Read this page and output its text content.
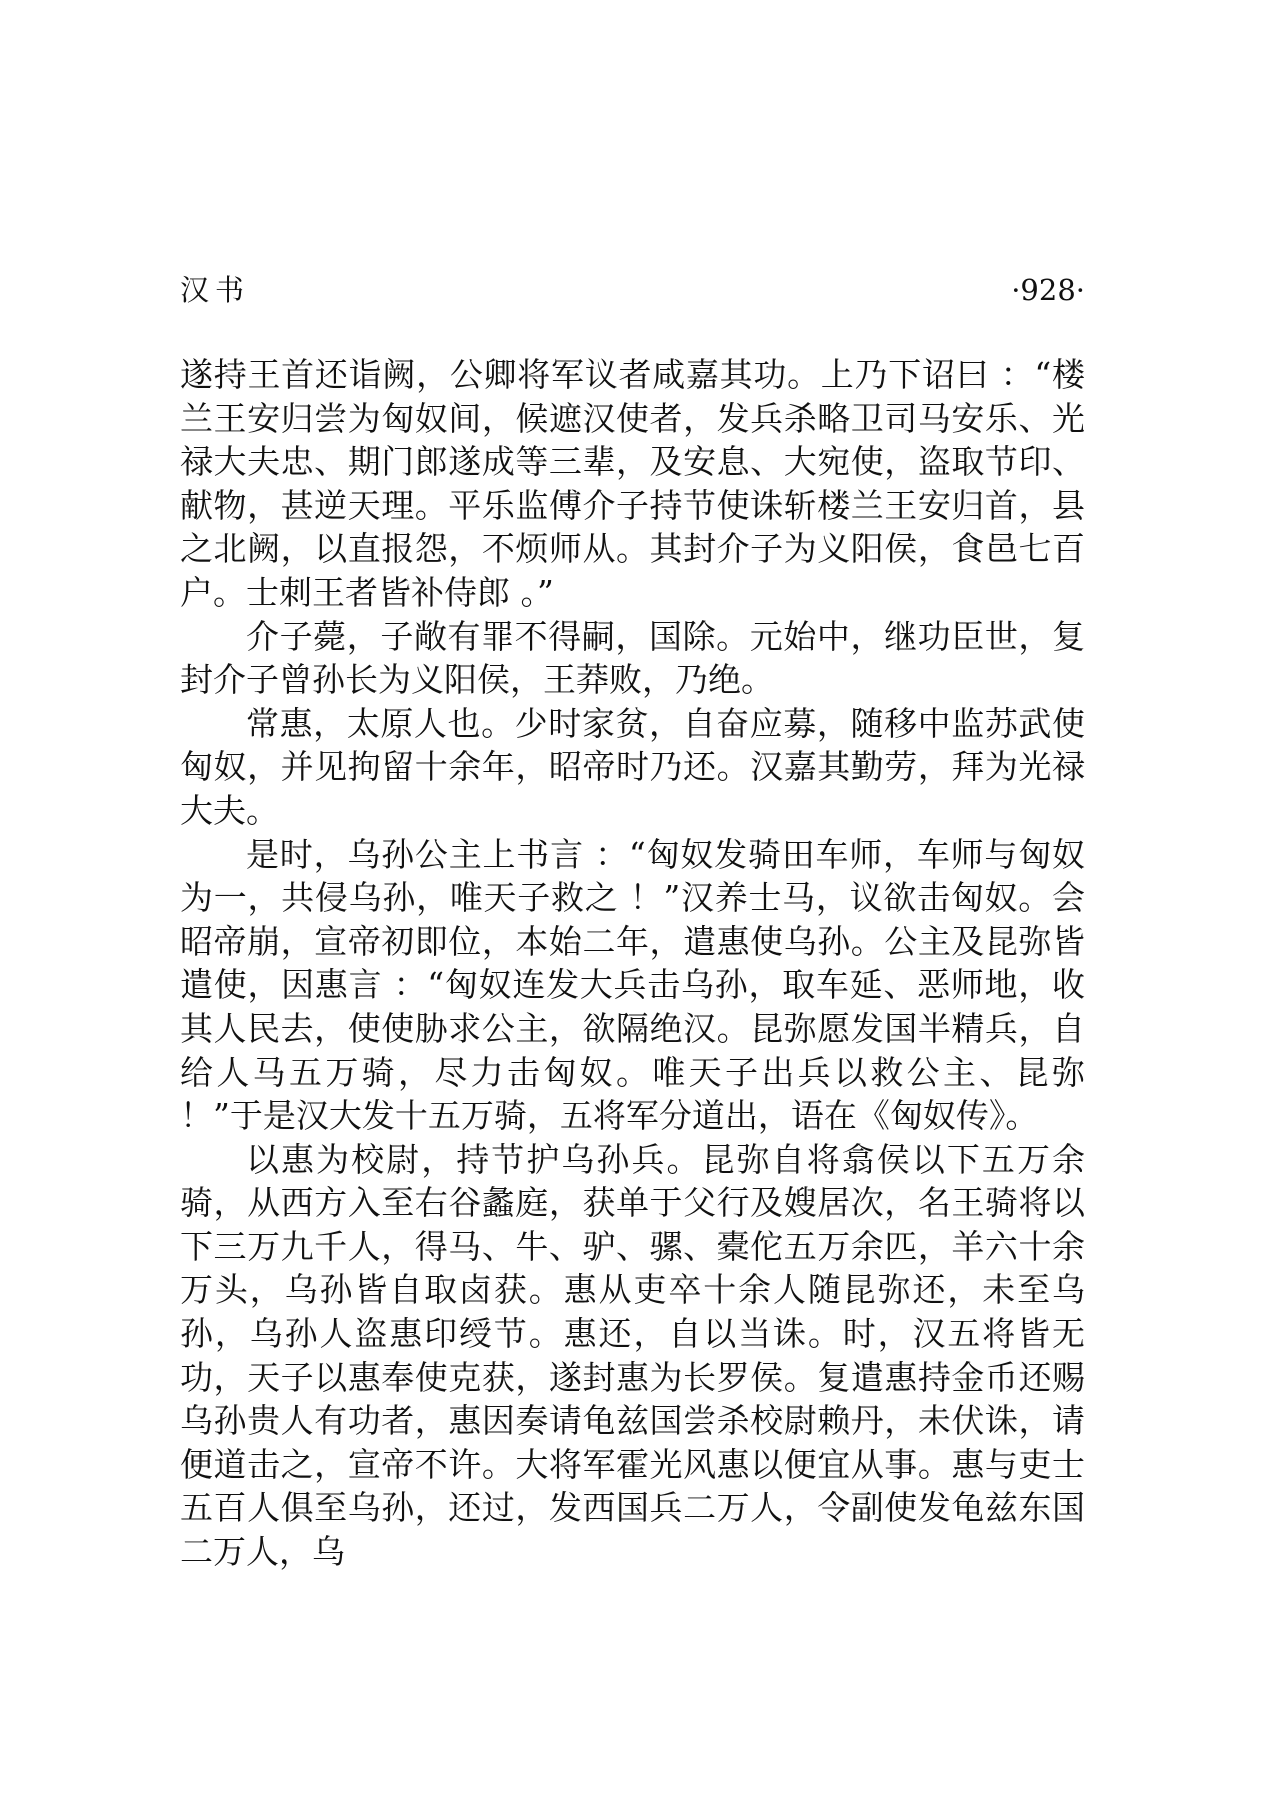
汉书	·928·

遂持王首还诣阙，公卿将军议者咸嘉其功。上乃下诏曰 ：“楼兰王安归尝为匈奴间，候遮汉使者，发兵杀略卫司马安乐、光禄大夫忠、期门郎遂成等三辈，及安息、大宛使，盗取节印、献物，甚逆天理。平乐监傅介子持节使诛斩楼兰王安归首，县之北阙，以直报怨，不烦师从。其封介子为义阳侯，食邑七百户。士刺王者皆补侍郎 。”

介子薨，子敞有罪不得嗣，国除。元始中，继功臣世，复封介子曾孙长为义阳侯，王莽败，乃绝。

常惠，太原人也。少时家贫，自奋应募，随移中监苏武使匈奴，并见拘留十余年，昭帝时乃还。汉嘉其勤劳，拜为光禄大夫。

是时，乌孙公主上书言 ：“匈奴发骑田车师，车师与匈奴为一，共侵乌孙，唯天子救之 ！”汉养士马，议欲击匈奴。会昭帝崩，宣帝初即位，本始二年，遣惠使乌孙。公主及昆弥皆遣使，因惠言 ：“匈奴连发大兵击乌孙，取车延、恶师地，收其人民去，使使胁求公主，欲隔绝汉。昆弥愿发国半精兵，自给人马五万骑，尽力击匈奴。唯天子出兵以救公主、昆弥 ！”于是汉大发十五万骑，五将军分道出，语在《匈奴传》。

以惠为校尉，持节护乌孙兵。昆弥自将翕侯以下五万余骑，从西方入至右谷蠡庭，获单于父行及嫂居次，名王骑将以下三万九千人，得马、牛、驴、骡、橐佗五万余匹，羊六十余万头，乌孙皆自取卤获。惠从吏卒十余人随昆弥还，未至乌孙，乌孙人盗惠印绶节。惠还，自以当诛。时，汉五将皆无功，天子以惠奉使克获，遂封惠为长罗侯。复遣惠持金币还赐乌孙贵人有功者，惠因奏请龟兹国尝杀校尉赖丹，未伏诛，请便道击之，宣帝不许。大将军霍光风惠以便宜从事。惠与吏士五百人俱至乌孙，还过，发西国兵二万人，令副使发龟兹东国二万人，乌
